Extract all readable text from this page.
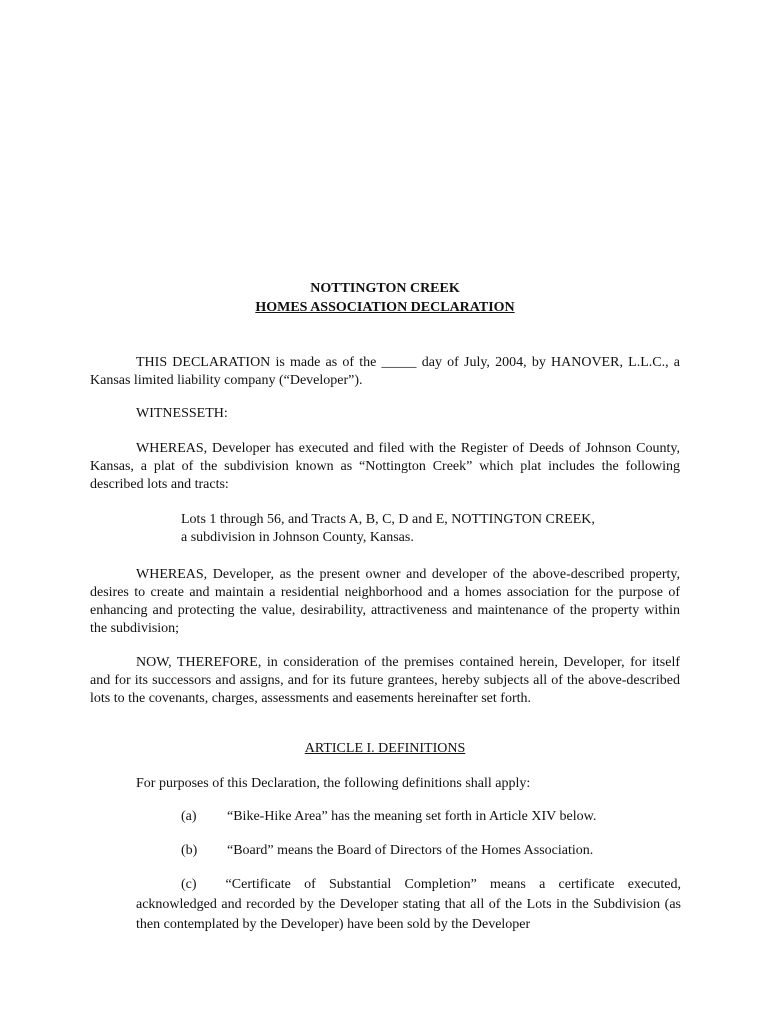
NOTTINGTON CREEK
HOMES ASSOCIATION DECLARATION
THIS DECLARATION is made as of the _____ day of July, 2004, by HANOVER, L.L.C., a Kansas limited liability company (“Developer”).
WITNESSETH:
WHEREAS, Developer has executed and filed with the Register of Deeds of Johnson County, Kansas, a plat of the subdivision known as “Nottington Creek” which plat includes the following described lots and tracts:
Lots 1 through 56, and Tracts A, B, C, D and E, NOTTINGTON CREEK, a subdivision in Johnson County, Kansas.
WHEREAS, Developer, as the present owner and developer of the above-described property, desires to create and maintain a residential neighborhood and a homes association for the purpose of enhancing and protecting the value, desirability, attractiveness and maintenance of the property within the subdivision;
NOW, THEREFORE, in consideration of the premises contained herein, Developer, for itself and for its successors and assigns, and for its future grantees, hereby subjects all of the above-described lots to the covenants, charges, assessments and easements hereinafter set forth.
ARTICLE I. DEFINITIONS
For purposes of this Declaration, the following definitions shall apply:
(a) “Bike-Hike Area” has the meaning set forth in Article XIV below.
(b) “Board” means the Board of Directors of the Homes Association.
(c) “Certificate of Substantial Completion” means a certificate executed, acknowledged and recorded by the Developer stating that all of the Lots in the Subdivision (as then contemplated by the Developer) have been sold by the Developer
